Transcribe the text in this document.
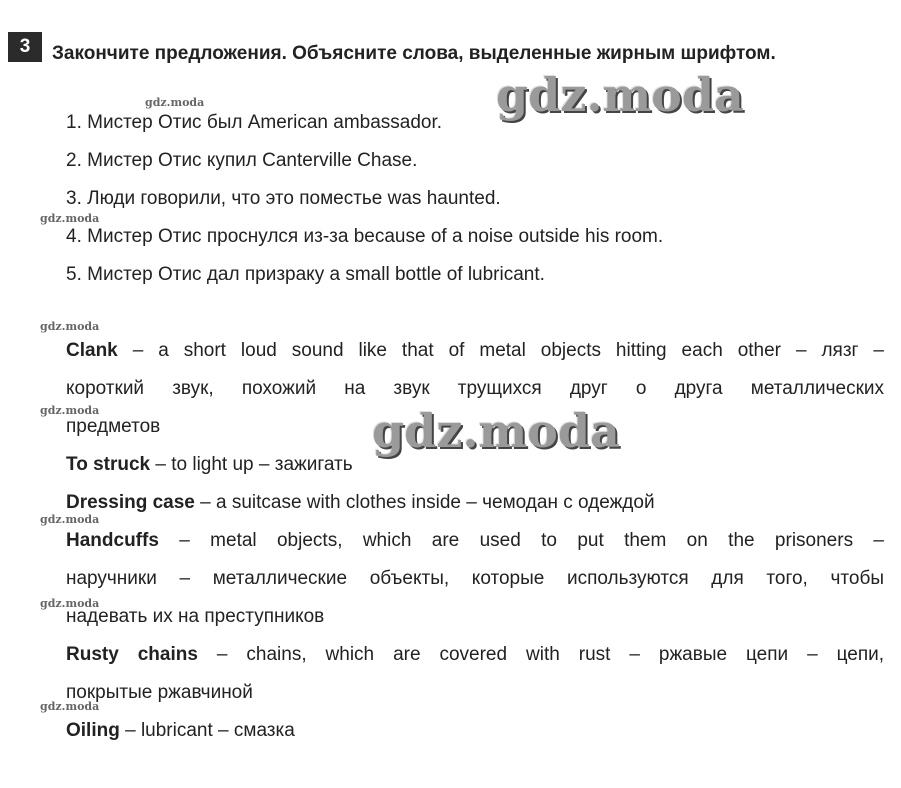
3	Закончите предложения. Объясните слова, выделенные жирным шрифтом.
1. Мистер Отис был American ambassador.
2. Мистер Отис купил Canterville Chase.
3. Люди говорили, что это поместье was haunted.
4. Мистер Отис проснулся из-за because of a noise outside his room.
5. Мистер Отис дал призраку a small bottle of lubricant.
Clank – a short loud sound like that of metal objects hitting each other – лязг –
короткий звук, похожий на звук трущихся друг о друга металлических
предметов
To struck – to light up – зажигать
Dressing case – a suitcase with clothes inside – чемодан с одеждой
Handcuffs – metal objects, which are used to put them on the prisoners –
наручники – металлические объекты, которые используются для того, чтобы
надевать их на преступников
Rusty chains – chains, which are covered with rust – ржавые цепи – цепи,
покрытые ржавчиной
Oiling – lubricant – смазка
gdz.moda
gdz.moda
gdz.moda
gdz.moda
gdz.moda
gdz.moda
gdz.moda
gdz.moda
gdz.moda
